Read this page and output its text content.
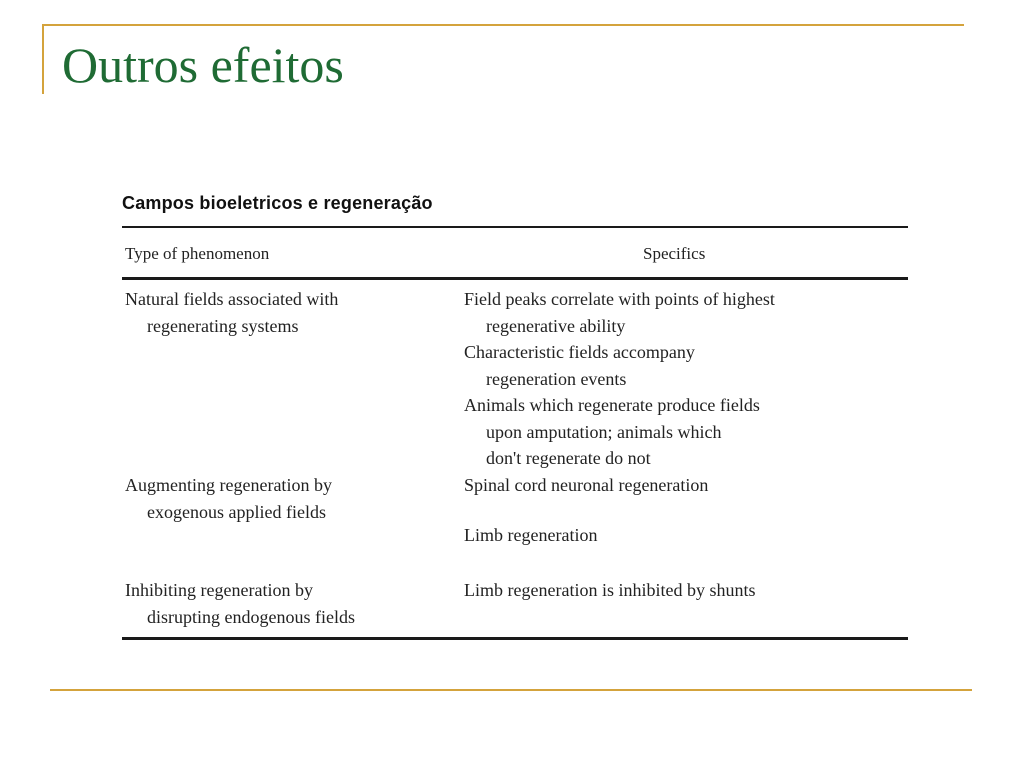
Outros efeitos
Campos bioeletricos e regeneração
Type of phenomenon	Specifics
Natural fields associated with
regenerating systems
Field peaks correlate with points of highest
regenerative ability
Characteristic fields accompany
regeneration events
Animals which regenerate produce fields
upon amputation; animals which
don't regenerate do not
Augmenting regeneration by
exogenous applied fields
Spinal cord neuronal regeneration
Limb regeneration
Inhibiting regeneration by
disrupting endogenous fields
Limb regeneration is inhibited by shunts
